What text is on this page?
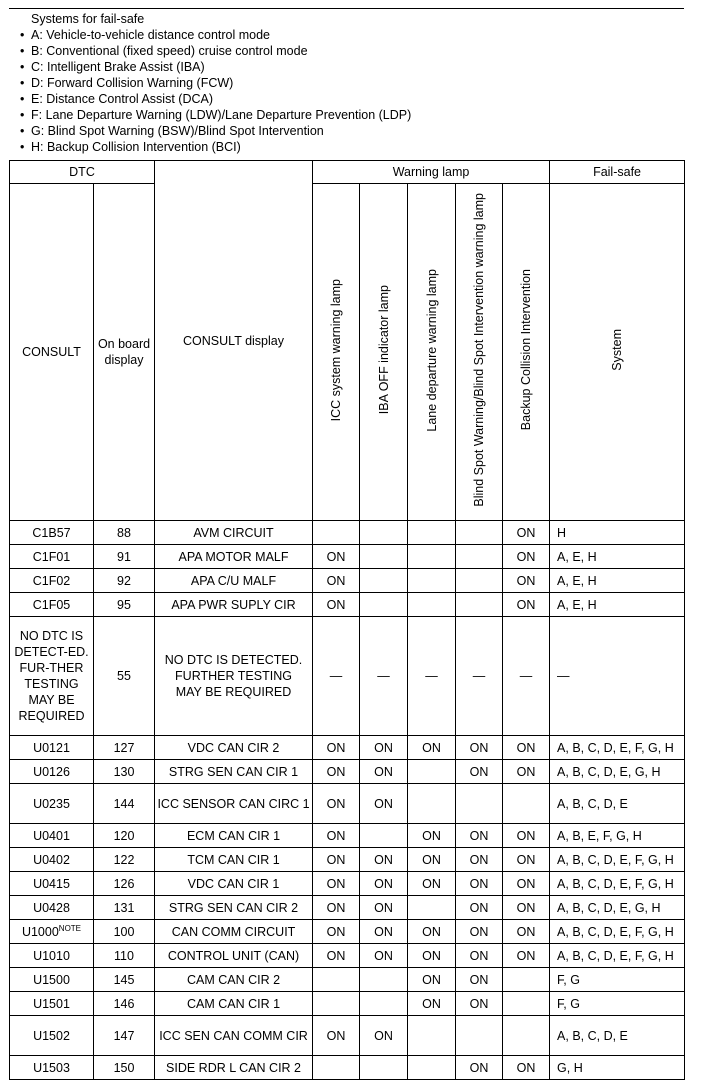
Systems for fail-safe
• A: Vehicle-to-vehicle distance control mode
• B: Conventional (fixed speed) cruise control mode
• C: Intelligent Brake Assist (IBA)
• D: Forward Collision Warning (FCW)
• E: Distance Control Assist (DCA)
• F: Lane Departure Warning (LDW)/Lane Departure Prevention (LDP)
• G: Blind Spot Warning (BSW)/Blind Spot Intervention
• H: Backup Collision Intervention (BCI)
DTC		CONSULT display	Warning lamp					Fail-safe
CONSULT	On board display		ICC system warning lamp	IBA OFF indicator lamp	Lane departure warning lamp	Blind Spot Warning/Blind Spot Intervention warning lamp	Backup Collision Intervention	System
C1B57	88	AVM CIRCUIT					ON	H
C1F01	91	APA MOTOR MALF	ON				ON	A, E, H
C1F02	92	APA C/U MALF	ON				ON	A, E, H
C1F05	95	APA PWR SUPLY CIR	ON				ON	A, E, H
NO DTC IS DETECT-ED. FUR-THER TESTING MAY BE REQUIRED	55	NO DTC IS DETECTED. FURTHER TESTING MAY BE REQUIRED	—	—	—	—	—	—
U0121	127	VDC CAN CIR 2	ON	ON	ON	ON	ON	A, B, C, D, E, F, G, H
U0126	130	STRG SEN CAN CIR 1	ON	ON		ON	ON	A, B, C, D, E, G, H
U0235	144	ICC SENSOR CAN CIRC 1	ON	ON				A, B, C, D, E
U0401	120	ECM CAN CIR 1	ON		ON	ON	ON	A, B, E, F, G, H
U0402	122	TCM CAN CIR 1	ON	ON	ON	ON	ON	A, B, C, D, E, F, G, H
U0415	126	VDC CAN CIR 1	ON	ON	ON	ON	ON	A, B, C, D, E, F, G, H
U0428	131	STRG SEN CAN CIR 2	ON	ON		ON	ON	A, B, C, D, E, G, H
$U1000^{NOTE}$	100	CAN COMM CIRCUIT	ON	ON	ON	ON	ON	A, B, C, D, E, F, G, H
U1010	110	CONTROL UNIT (CAN)	ON	ON	ON	ON	ON	A, B, C, D, E, F, G, H
U1500	145	CAM CAN CIR 2			ON	ON		F, G
U1501	146	CAM CAN CIR 1			ON	ON		F, G
U1502	147	ICC SEN CAN COMM CIR	ON	ON				A, B, C, D, E
U1503	150	SIDE RDR L CAN CIR 2				ON	ON	G, H
